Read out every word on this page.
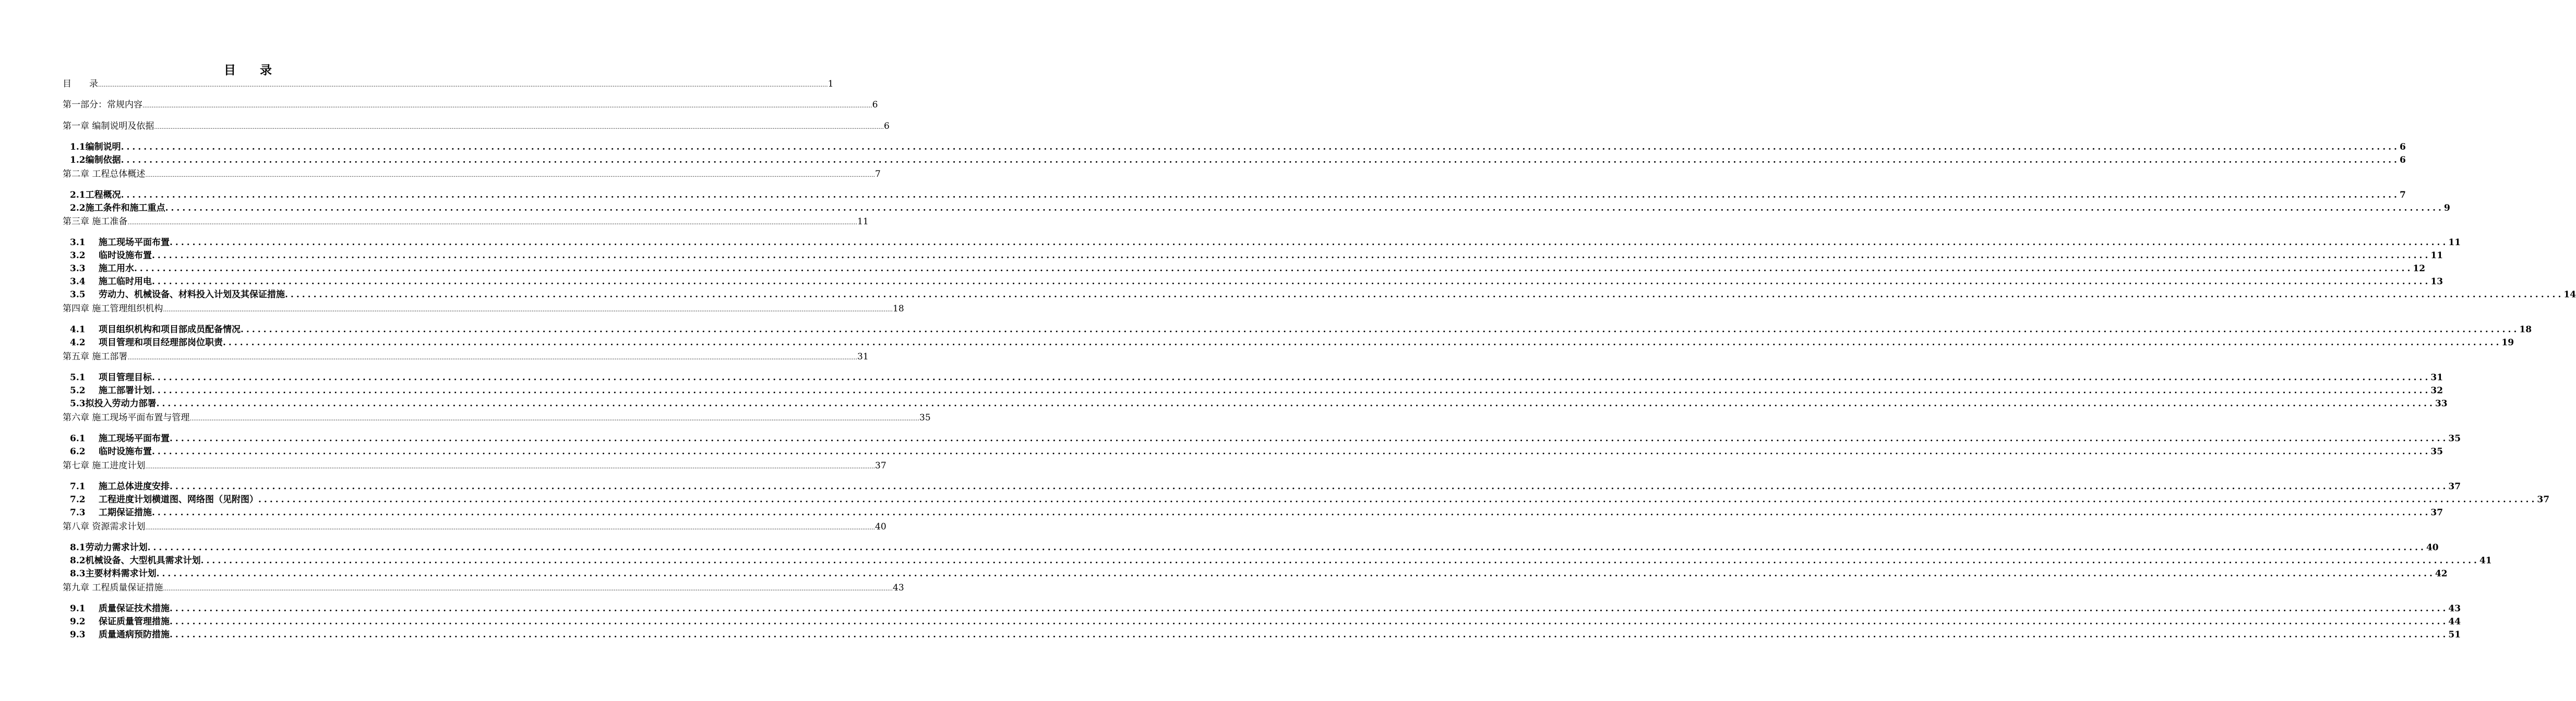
目　　录
目　　录 ................................................................................................................................................................................................................................................................................................................................................................................................................ 1
第一部分：常规内容 ................................................................................................................................................................................................................................................................................................................................................................................................................ 6
第一章 编制说明及依据 ................................................................................................................................................................................................................................................................................................................................................................................................................ 6
1.1编制说明 ................................................................................................................................................................................................................................................................................................................................................................................................................ 6
1.2编制依据 ................................................................................................................................................................................................................................................................................................................................................................................................................ 6
第二章 工程总体概述 ................................................................................................................................................................................................................................................................................................................................................................................................................ 7
2.1工程概况 ................................................................................................................................................................................................................................................................................................................................................................................................................ 7
2.2施工条件和施工重点 ................................................................................................................................................................................................................................................................................................................................................................................................................ 9
第三章 施工准备 ................................................................................................................................................................................................................................................................................................................................................................................................................ 11
3.1 施工现场平面布置 ................................................................................................................................................................................................................................................................................................................................................................................................................ 11
3.2 临时设施布置 ................................................................................................................................................................................................................................................................................................................................................................................................................ 11
3.3 施工用水 ................................................................................................................................................................................................................................................................................................................................................................................................................ 12
3.4 施工临时用电 ................................................................................................................................................................................................................................................................................................................................................................................................................ 13
3.5 劳动力、机械设备、材料投入计划及其保证措施 ................................................................................................................................................................................................................................................................................................................................................................................................................ 14
第四章 施工管理组织机构 ................................................................................................................................................................................................................................................................................................................................................................................................................ 18
4.1 项目组织机构和项目部成员配备情况 ................................................................................................................................................................................................................................................................................................................................................................................................................ 18
4.2 项目管理和项目经理部岗位职责 ................................................................................................................................................................................................................................................................................................................................................................................................................ 19
第五章 施工部署 ................................................................................................................................................................................................................................................................................................................................................................................................................ 31
5.1 项目管理目标 ................................................................................................................................................................................................................................................................................................................................................................................................................ 31
5.2 施工部署计划 ................................................................................................................................................................................................................................................................................................................................................................................................................ 32
5.3拟投入劳动力部署 ................................................................................................................................................................................................................................................................................................................................................................................................................ 33
第六章 施工现场平面布置与管理 ................................................................................................................................................................................................................................................................................................................................................................................................................ 35
6.1 施工现场平面布置 ................................................................................................................................................................................................................................................................................................................................................................................................................ 35
6.2 临时设施布置 ................................................................................................................................................................................................................................................................................................................................................................................................................ 35
第七章 施工进度计划 ................................................................................................................................................................................................................................................................................................................................................................................................................ 37
7.1 施工总体进度安排 ................................................................................................................................................................................................................................................................................................................................................................................................................ 37
7.2 工程进度计划横道图、网络图（见附图） ................................................................................................................................................................................................................................................................................................................................................................................................................ 37
7.3 工期保证措施 ................................................................................................................................................................................................................................................................................................................................................................................................................ 37
第八章 资源需求计划 ................................................................................................................................................................................................................................................................................................................................................................................................................ 40
8.1劳动力需求计划 ................................................................................................................................................................................................................................................................................................................................................................................................................ 40
8.2机械设备、大型机具需求计划 ................................................................................................................................................................................................................................................................................................................................................................................................................ 41
8.3主要材料需求计划 ................................................................................................................................................................................................................................................................................................................................................................................................................ 42
第九章 工程质量保证措施 ................................................................................................................................................................................................................................................................................................................................................................................................................ 43
9.1 质量保证技术措施 ................................................................................................................................................................................................................................................................................................................................................................................................................ 43
9.2 保证质量管理措施 ................................................................................................................................................................................................................................................................................................................................................................................................................ 44
9.3 质量通病预防措施 ................................................................................................................................................................................................................................................................................................................................................................................................................ 51
